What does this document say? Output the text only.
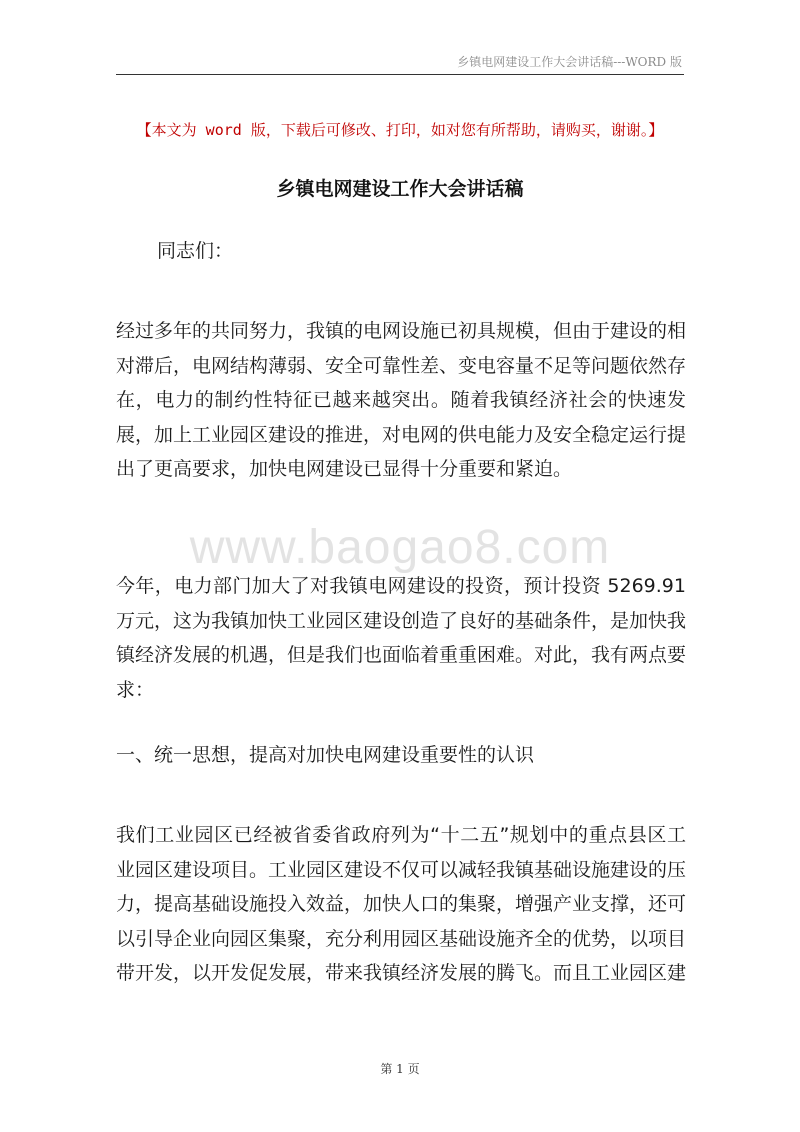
乡镇电网建设工作大会讲话稿---WORD 版
【本文为 word 版，下载后可修改、打印，如对您有所帮助，请购买，谢谢。】
乡镇电网建设工作大会讲话稿
同志们：

经过多年的共同努力，我镇的电网设施已初具规模，但由于建设的相对滞后，电网结构薄弱、安全可靠性差、变电容量不足等问题依然存在，电力的制约性特征已越来越突出。随着我镇经济社会的快速发展，加上工业园区建设的推进，对电网的供电能力及安全稳定运行提出了更高要求，加快电网建设已显得十分重要和紧迫。

www.baogao8.com

今年，电力部门加大了对我镇电网建设的投资，预计投资 5269.91 万元，这为我镇加快工业园区建设创造了良好的基础条件，是加快我镇经济发展的机遇，但是我们也面临着重重困难。对此，我有两点要求：

一、统一思想，提高对加快电网建设重要性的认识

我们工业园区已经被省委省政府列为“十二五”规划中的重点县区工业园区建设项目。工业园区建设不仅可以减轻我镇基础设施建设的压力，提高基础设施投入效益，加快人口的集聚，增强产业支撑，还可以引导企业向园区集聚，充分利用园区基础设施齐全的优势，以项目带开发，以开发促发展，带来我镇经济发展的腾飞。而且工业园区建

第 1 页
